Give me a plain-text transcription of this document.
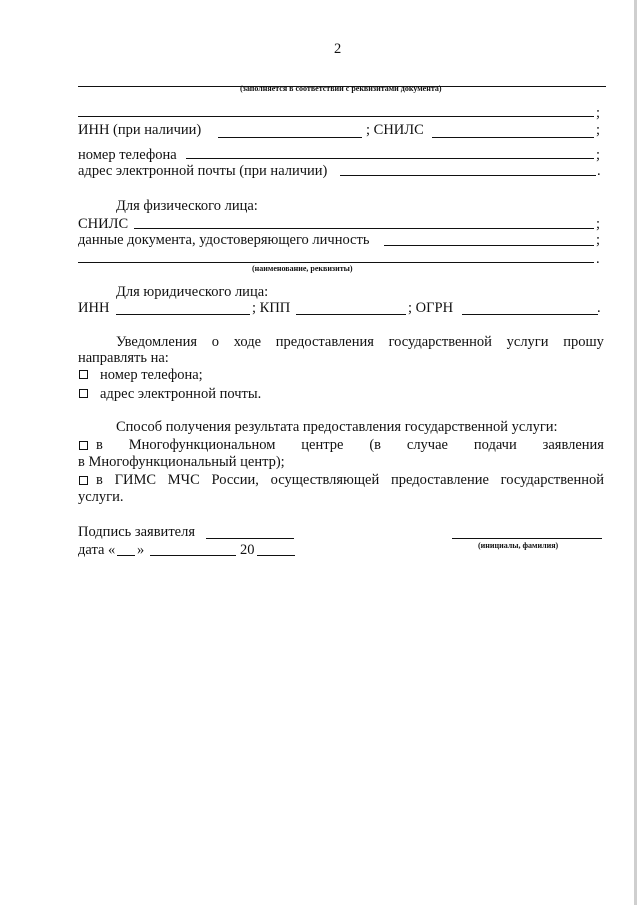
2
(заполняется в соответствии с реквизитами документа)
;
ИНН (при наличии)	; СНИЛС	;
номер телефона	;
адрес электронной почты (при наличии)	.
Для физического лица:
СНИЛС	;
данные документа, удостоверяющего личность	;
.
(наименование, реквизиты)
Для юридического лица:
ИНН	; КПП	; ОГРН	.
Уведомления о ходе предоставления государственной услуги прошу
направлять на:
номер телефона;
адрес электронной почты.
Способ получения результата предоставления государственной услуги:
в Многофункциональном центре (в случае подачи заявления
в Многофункциональный центр);
в ГИМС МЧС России, осуществляющей предоставление государственной
услуги.
Подпись заявителя
(инициалы, фамилия)
дата « »	20
